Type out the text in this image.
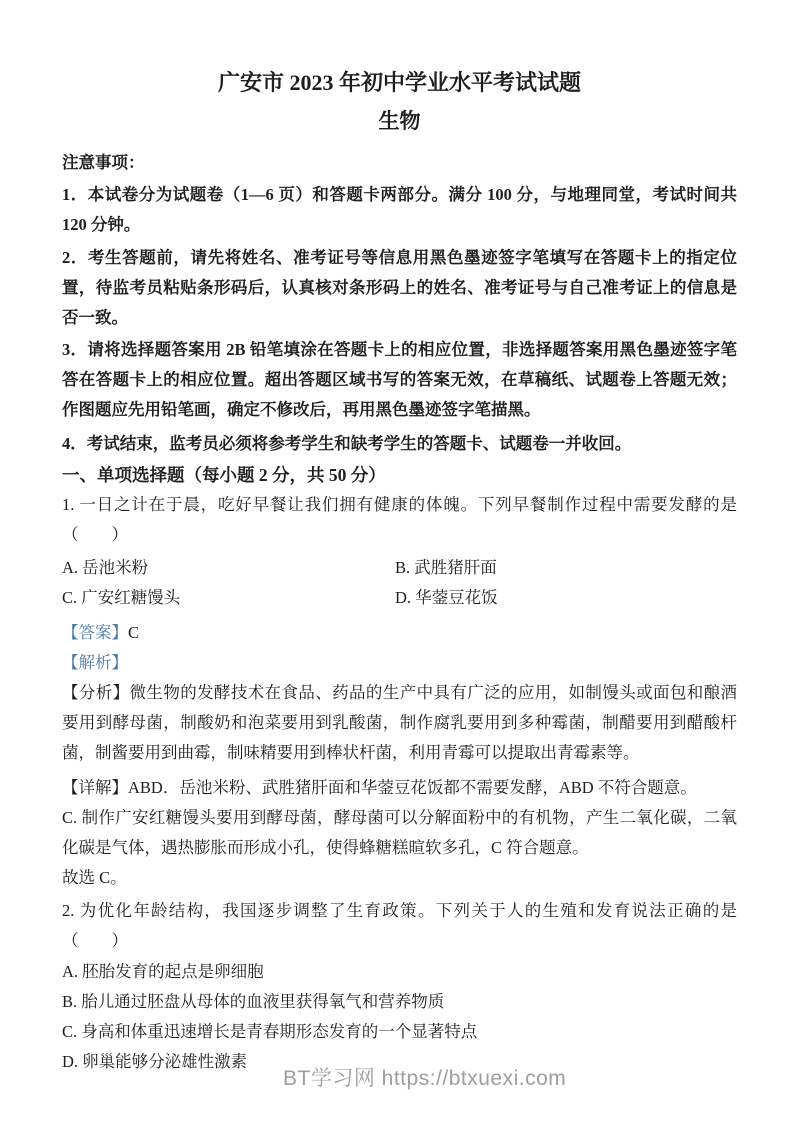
广安市 2023 年初中学业水平考试试题
生物

注意事项：

1．本试卷分为试题卷（1—6 页）和答题卡两部分。满分 100 分，与地理同堂，考试时间共 120 分钟。

2．考生答题前，请先将姓名、准考证号等信息用黑色墨迹签字笔填写在答题卡上的指定位置，待监考员粘贴条形码后，认真核对条形码上的姓名、准考证号与自己准考证上的信息是否一致。

3．请将选择题答案用 2B 铅笔填涂在答题卡上的相应位置，非选择题答案用黑色墨迹签字笔答在答题卡上的相应位置。超出答题区域书写的答案无效，在草稿纸、试题卷上答题无效；作图题应先用铅笔画，确定不修改后，再用黑色墨迹签字笔描黑。

4．考试结束，监考员必须将参考学生和缺考学生的答题卡、试题卷一并收回。

一、单项选择题（每小题 2 分，共 50 分）

1. 一日之计在于晨，吃好早餐让我们拥有健康的体魄。下列早餐制作过程中需要发酵的是（　　）

A. 岳池米粉	B. 武胜猪肝面
C. 广安红糖馒头	D. 华蓥豆花饭

【答案】C

【解析】

【分析】微生物的发酵技术在食品、药品的生产中具有广泛的应用，如制馒头或面包和酿酒要用到酵母菌，制酸奶和泡菜要用到乳酸菌，制作腐乳要用到多种霉菌，制醋要用到醋酸杆菌，制酱要用到曲霉，制味精要用到棒状杆菌，利用青霉可以提取出青霉素等。

【详解】ABD．岳池米粉、武胜猪肝面和华蓥豆花饭都不需要发酵，ABD 不符合题意。

C. 制作广安红糖馒头要用到酵母菌，酵母菌可以分解面粉中的有机物，产生二氧化碳，二氧化碳是气体，遇热膨胀而形成小孔，使得蜂糖糕暄软多孔，C 符合题意。

故选 C。

2. 为优化年龄结构，我国逐步调整了生育政策。下列关于人的生殖和发育说法正确的是（　　）

A. 胚胎发育的起点是卵细胞

B. 胎儿通过胚盘从母体的血液里获得氧气和营养物质

C. 身高和体重迅速增长是青春期形态发育的一个显著特点

D. 卵巢能够分泌雄性激素

BT学习网 https://btxuexi.com
